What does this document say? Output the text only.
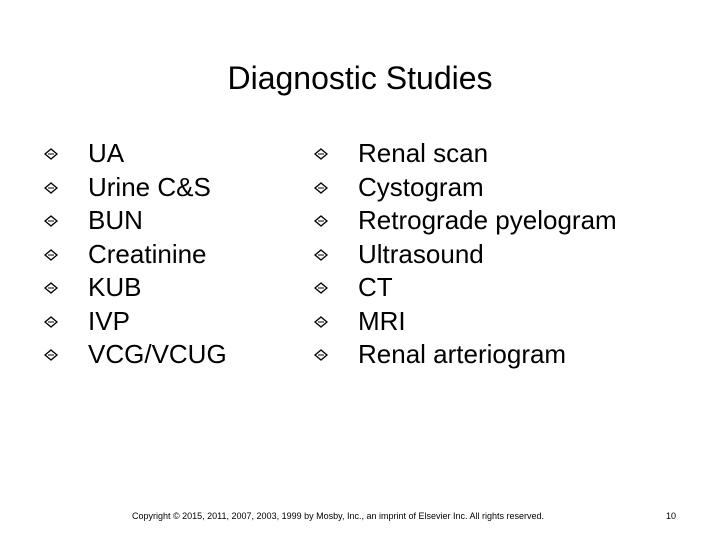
Diagnostic Studies
UA
Urine C&S
BUN
Creatinine
KUB
IVP
VCG/VCUG
Renal scan
Cystogram
Retrograde pyelogram
Ultrasound
CT
MRI
Renal arteriogram
Copyright © 2015, 2011, 2007, 2003, 1999 by Mosby, Inc., an imprint of Elsevier Inc. All rights reserved.	10
